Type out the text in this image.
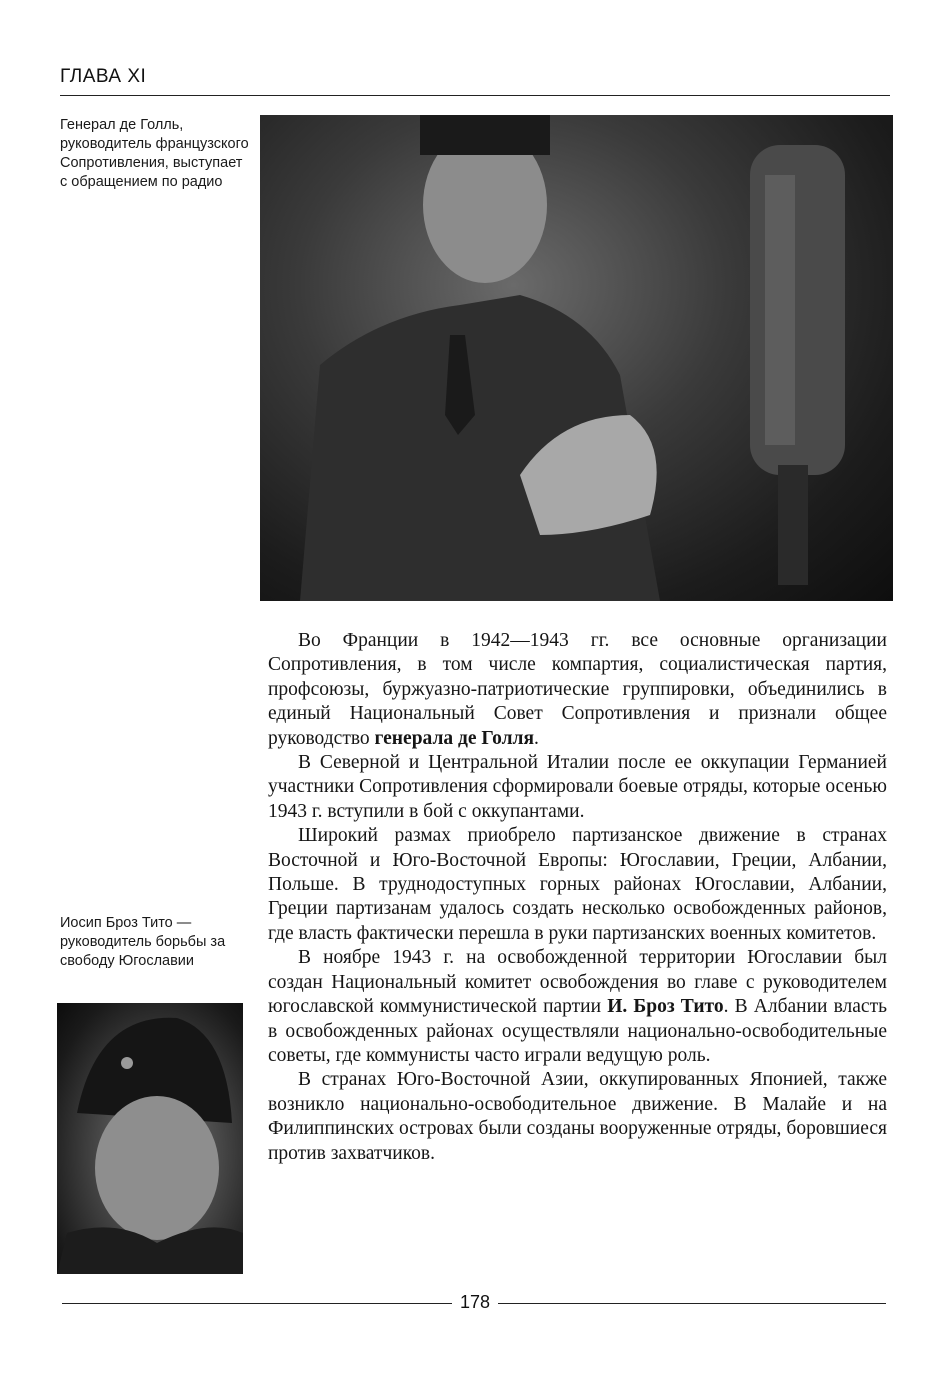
ГЛАВА XI
Генерал де Голль, руководитель французского Сопротивления, выступает с обращением по радио
Иосип Броз Тито — руководитель борьбы за свободу Югославии

Во Франции в 1942—1943 гг. все основные организации Сопротивления, в том числе компартия, социалистическая партия, профсоюзы, буржуазно-патриотические группировки, объединились в единый Национальный Совет Сопротивления и признали общее руководство генерала де Голля.

В Северной и Центральной Италии после ее оккупации Германией участники Сопротивления сформировали боевые отряды, которые осенью 1943 г. вступили в бой с оккупантами.

Широкий размах приобрело партизанское движение в странах Восточной и Юго-Восточной Европы: Югославии, Греции, Албании, Польше. В труднодоступных горных районах Югославии, Албании, Греции партизанам удалось создать несколько освобожденных районов, где власть фактически перешла в руки партизанских военных комитетов.

В ноябре 1943 г. на освобожденной территории Югославии был создан Национальный комитет освобождения во главе с руководителем югославской коммунистической партии И. Броз Тито. В Албании власть в освобожденных районах осуществляли национально-освободительные советы, где коммунисты часто играли ведущую роль.

В странах Юго-Восточной Азии, оккупированных Японией, также возникло национально-освободительное движение. В Малайе и на Филиппинских островах были созданы вооруженные отряды, боровшиеся против захватчиков.

178
